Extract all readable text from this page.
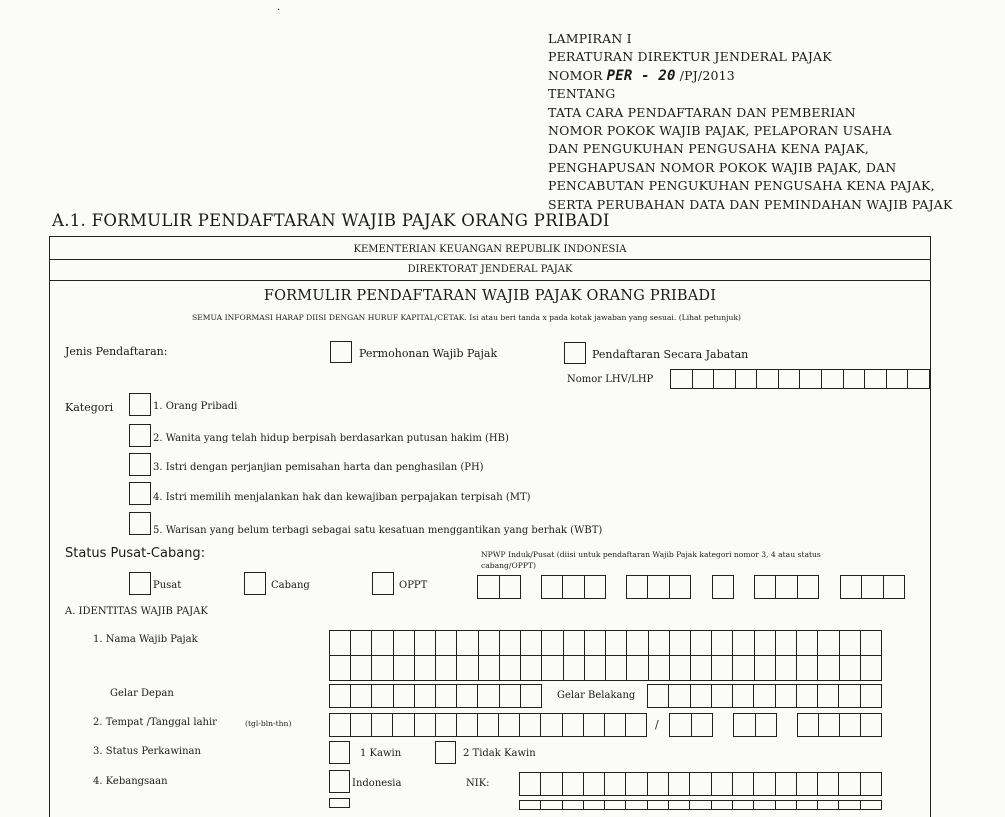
·
LAMPIRAN I
PERATURAN DIREKTUR JENDERAL PAJAK
NOMOR PER - 20 /PJ/2013
TENTANG
TATA CARA PENDAFTARAN DAN PEMBERIAN
NOMOR POKOK WAJIB PAJAK, PELAPORAN USAHA
DAN PENGUKUHAN PENGUSAHA KENA PAJAK,
PENGHAPUSAN NOMOR POKOK WAJIB PAJAK, DAN
PENCABUTAN PENGUKUHAN PENGUSAHA KENA PAJAK,
SERTA PERUBAHAN DATA DAN PEMINDAHAN WAJIB PAJAK
A.1. FORMULIR PENDAFTARAN WAJIB PAJAK ORANG PRIBADI
KEMENTERIAN KEUANGAN REPUBLIK INDONESIA
DIREKTORAT JENDERAL PAJAK
FORMULIR PENDAFTARAN WAJIB PAJAK ORANG PRIBADI
SEMUA INFORMASI HARAP DIISI DENGAN HURUF KAPITAL/CETAK. Isi atau beri tanda x pada kotak jawaban yang sesuai. (Lihat petunjuk)
Jenis Pendaftaran:	Permohonan Wajib Pajak	Pendaftaran Secara Jabatan
Nomor LHV/LHP
Kategori	1. Orang Pribadi
2. Wanita yang telah hidup berpisah berdasarkan putusan hakim (HB)
3. Istri dengan perjanjian pemisahan harta dan penghasilan (PH)
4. Istri memilih menjalankan hak dan kewajiban perpajakan terpisah (MT)
5. Warisan yang belum terbagi sebagai satu kesatuan menggantikan yang berhak (WBT)
Status Pusat-Cabang:	NPWP Induk/Pusat (diisi untuk pendaftaran Wajib Pajak kategori nomor 3, 4 atau status
cabang/OPPT)
Pusat	Cabang	OPPT
A. IDENTITAS WAJIB PAJAK
1. Nama Wajib Pajak
Gelar Depan	Gelar Belakang
2. Tempat /Tanggal lahir	(tgl-bln-thn)	/
3. Status Perkawinan	1 Kawin	2 Tidak Kawin
4. Kebangsaan	Indonesia	NIK:
